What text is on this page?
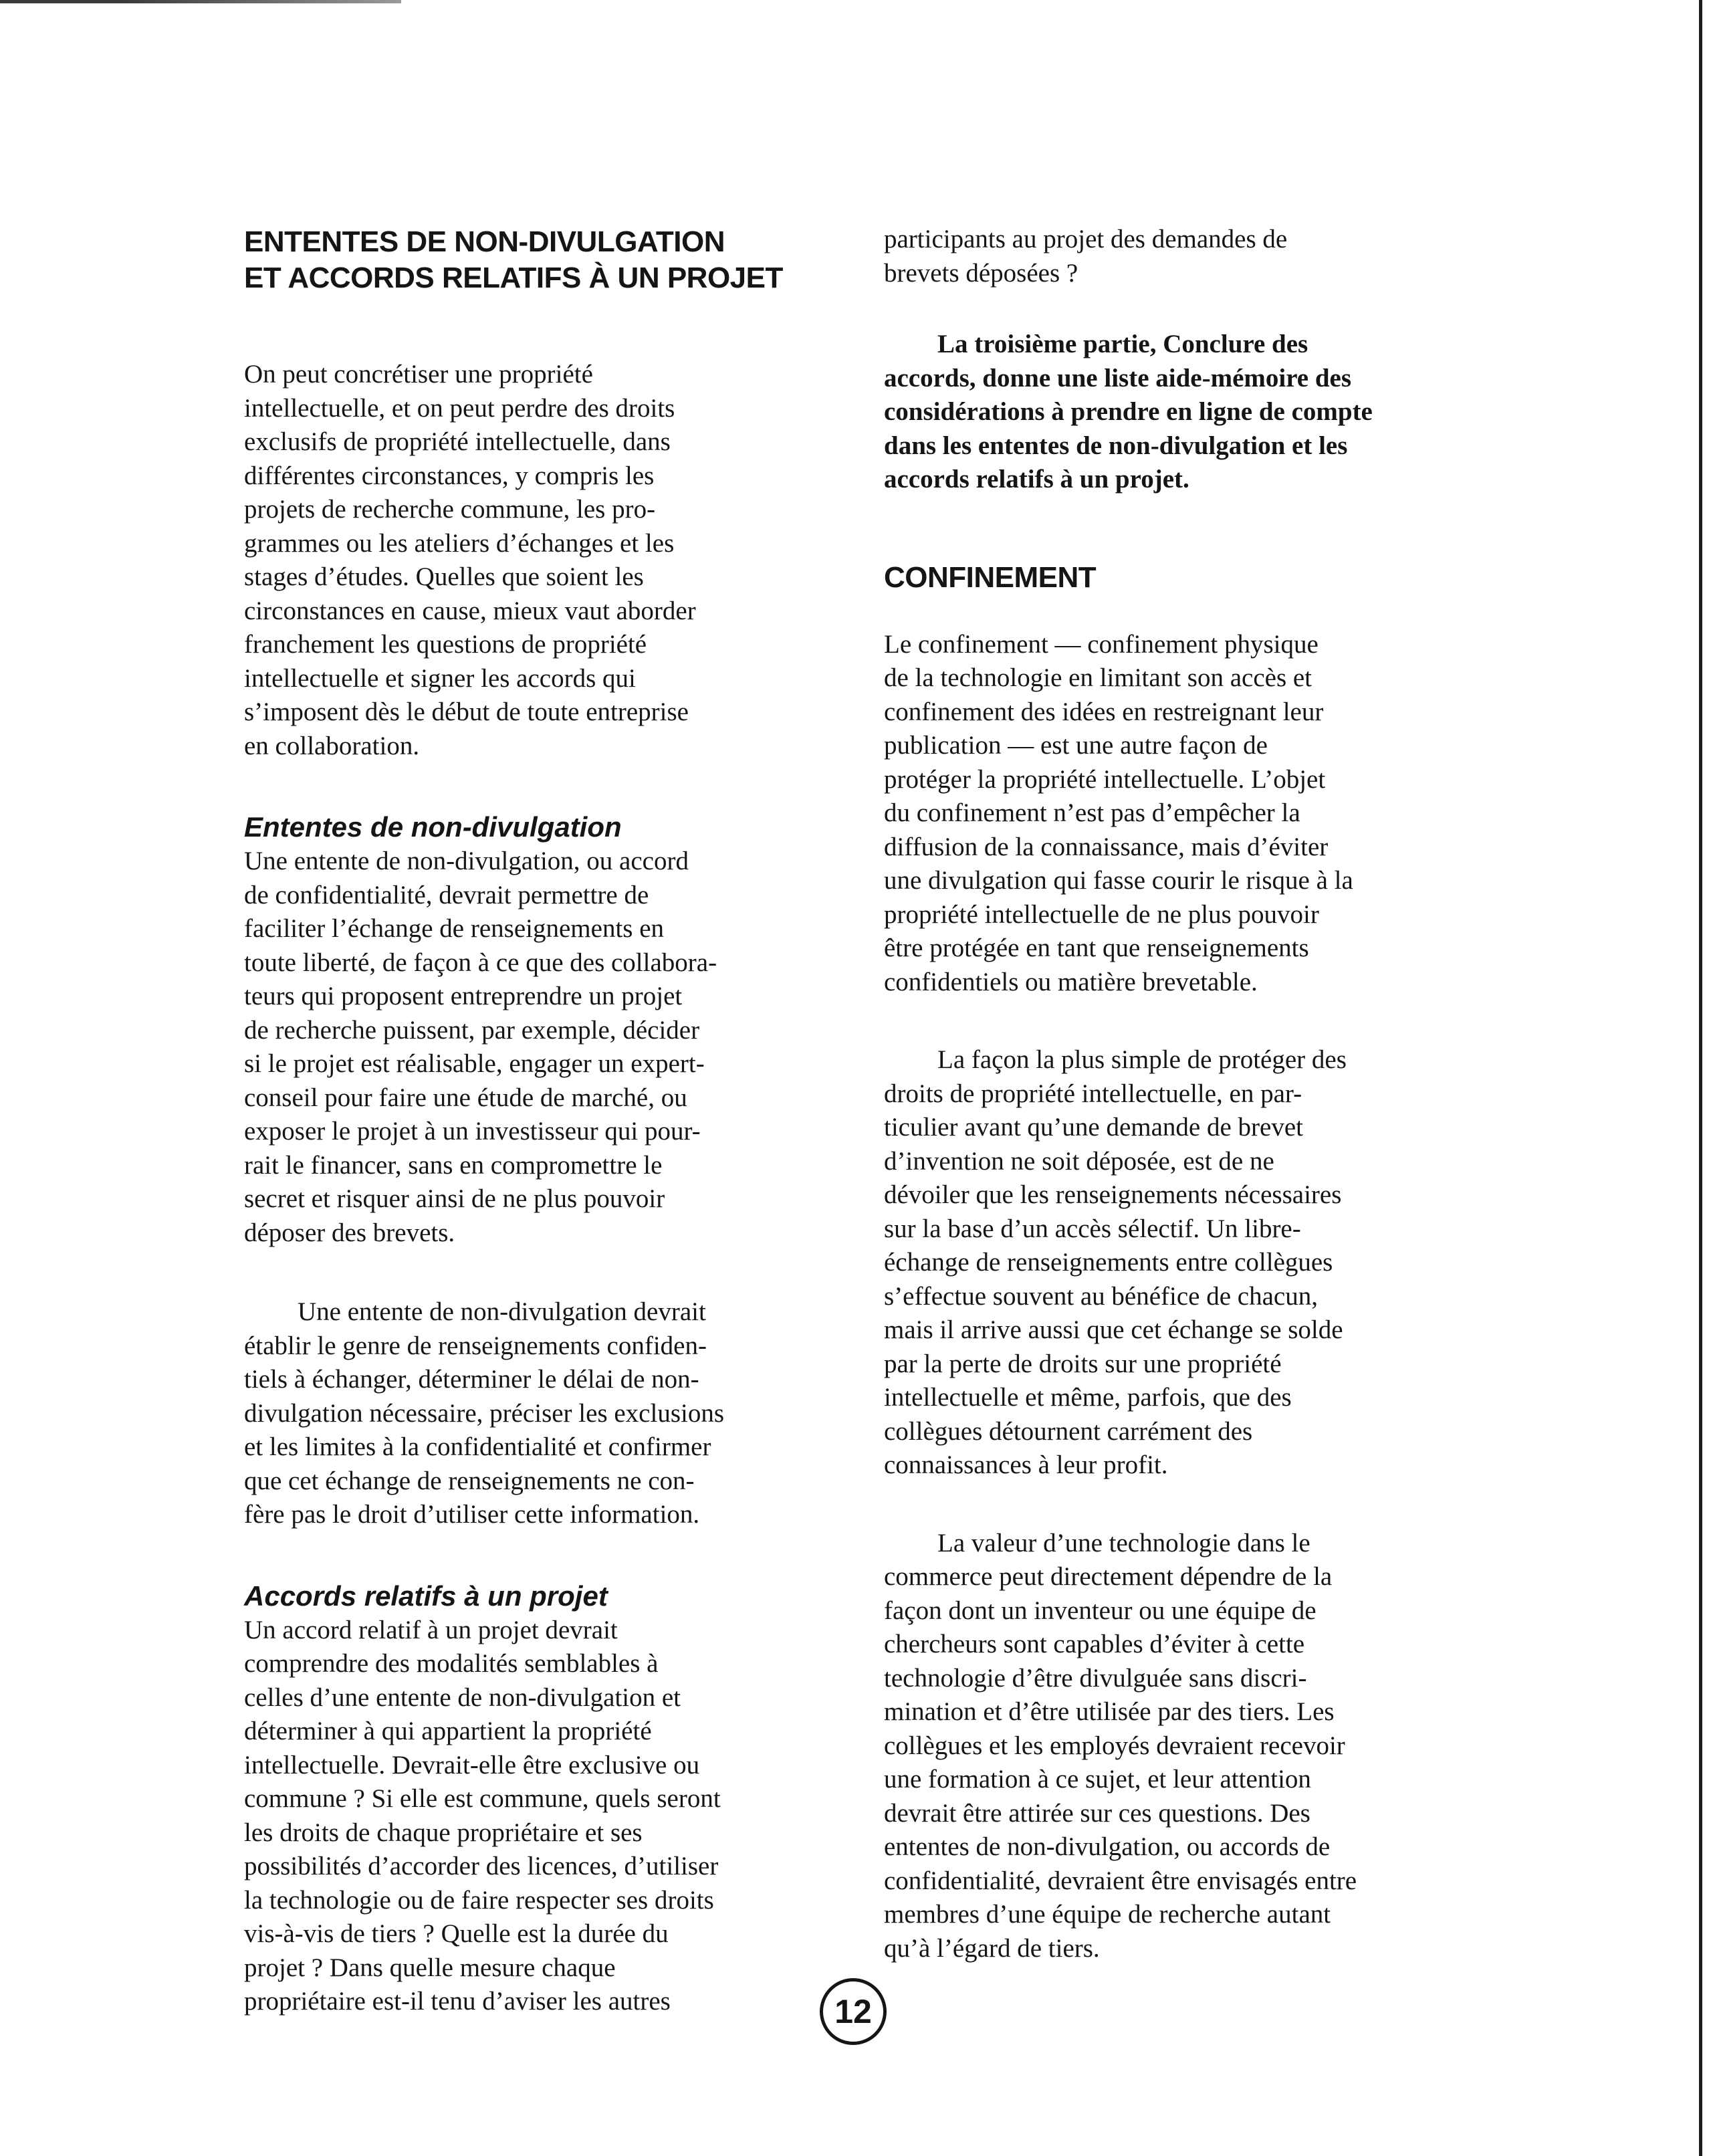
ENTENTES DE NON-DIVULGATION
ET ACCORDS RELATIFS À UN PROJET

On peut concrétiser une propriété
intellectuelle, et on peut perdre des droits
exclusifs de propriété intellectuelle, dans
différentes circonstances, y compris les
projets de recherche commune, les pro-
grammes ou les ateliers d’échanges et les
stages d’études. Quelles que soient les
circonstances en cause, mieux vaut aborder
franchement les questions de propriété
intellectuelle et signer les accords qui
s’imposent dès le début de toute entreprise
en collaboration.

Ententes de non-divulgation

Une entente de non-divulgation, ou accord
de confidentialité, devrait permettre de
faciliter l’échange de renseignements en
toute liberté, de façon à ce que des collabora-
teurs qui proposent entreprendre un projet
de recherche puissent, par exemple, décider
si le projet est réalisable, engager un expert-
conseil pour faire une étude de marché, ou
exposer le projet à un investisseur qui pour-
rait le financer, sans en compromettre le
secret et risquer ainsi de ne plus pouvoir
déposer des brevets.

Une entente de non-divulgation devrait
établir le genre de renseignements confiden-
tiels à échanger, déterminer le délai de non-
divulgation nécessaire, préciser les exclusions
et les limites à la confidentialité et confirmer
que cet échange de renseignements ne con-
fère pas le droit d’utiliser cette information.

Accords relatifs à un projet

Un accord relatif à un projet devrait
comprendre des modalités semblables à
celles d’une entente de non-divulgation et
déterminer à qui appartient la propriété
intellectuelle. Devrait-elle être exclusive ou
commune ? Si elle est commune, quels seront
les droits de chaque propriétaire et ses
possibilités d’accorder des licences, d’utiliser
la technologie ou de faire respecter ses droits
vis-à-vis de tiers ? Quelle est la durée du
projet ? Dans quelle mesure chaque
propriétaire est-il tenu d’aviser les autres

participants au projet des demandes de
brevets déposées ?

La troisième partie, Conclure des
accords, donne une liste aide-mémoire des
considérations à prendre en ligne de compte
dans les ententes de non-divulgation et les
accords relatifs à un projet.

CONFINEMENT

Le confinement — confinement physique
de la technologie en limitant son accès et
confinement des idées en restreignant leur
publication — est une autre façon de
protéger la propriété intellectuelle. L’objet
du confinement n’est pas d’empêcher la
diffusion de la connaissance, mais d’éviter
une divulgation qui fasse courir le risque à la
propriété intellectuelle de ne plus pouvoir
être protégée en tant que renseignements
confidentiels ou matière brevetable.

La façon la plus simple de protéger des
droits de propriété intellectuelle, en par-
ticulier avant qu’une demande de brevet
d’invention ne soit déposée, est de ne
dévoiler que les renseignements nécessaires
sur la base d’un accès sélectif. Un libre-
échange de renseignements entre collègues
s’effectue souvent au bénéfice de chacun,
mais il arrive aussi que cet échange se solde
par la perte de droits sur une propriété
intellectuelle et même, parfois, que des
collègues détournent carrément des
connaissances à leur profit.

La valeur d’une technologie dans le
commerce peut directement dépendre de la
façon dont un inventeur ou une équipe de
chercheurs sont capables d’éviter à cette
technologie d’être divulguée sans discri-
mination et d’être utilisée par des tiers. Les
collègues et les employés devraient recevoir
une formation à ce sujet, et leur attention
devrait être attirée sur ces questions. Des
ententes de non-divulgation, ou accords de
confidentialité, devraient être envisagés entre
membres d’une équipe de recherche autant
qu’à l’égard de tiers.

12
